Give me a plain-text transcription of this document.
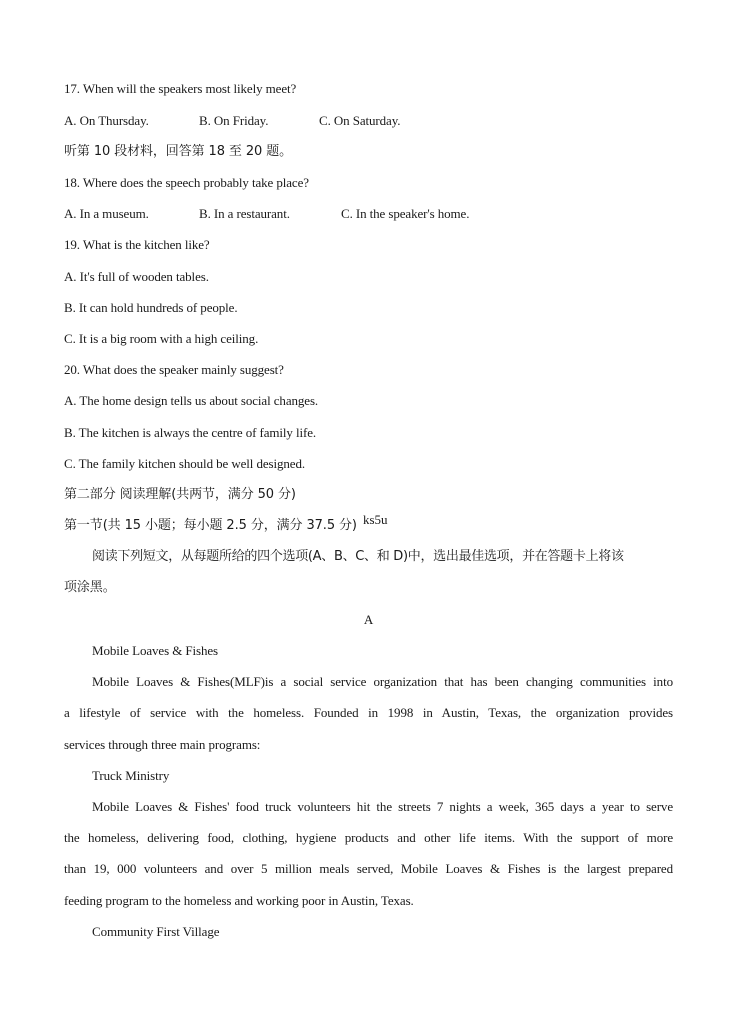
17. When will the speakers most likely meet?
A. On Thursday.	B. On Friday.	C. On Saturday.
听第 10 段材料，回答第 18 至 20 题。
18. Where does the speech probably take place?
A. In a museum.	B. In a restaurant.	C. In the speaker's home.
19. What is the kitchen like?
A. It's full of wooden tables.
B. It can hold hundreds of people.
C. It is a big room with a high ceiling.
20. What does the speaker mainly suggest?
A. The home design tells us about social changes.
B. The kitchen is always the centre of family life.
C. The family kitchen should be well designed.
第二部分 阅读理解(共两节，满分 50 分)
第一节(共 15 小题；每小题 2.5 分，满分 37.5 分) ks5u
阅读下列短文，从每题所给的四个选项(A、B、C、和 D)中，选出最佳选项，并在答题卡上将该
项涂黑。
A
Mobile Loaves & Fishes
Mobile Loaves & Fishes(MLF)is a social service organization that has been changing communities into
a lifestyle of service with the homeless. Founded in 1998 in Austin, Texas, the organization provides
services through three main programs:
Truck Ministry
Mobile Loaves & Fishes' food truck volunteers hit the streets 7 nights a week, 365 days a year to serve
the homeless, delivering food, clothing, hygiene products and other life items. With the support of more
than 19, 000 volunteers and over 5 million meals served, Mobile Loaves & Fishes is the largest prepared
feeding program to the homeless and working poor in Austin, Texas.
Community First Village
